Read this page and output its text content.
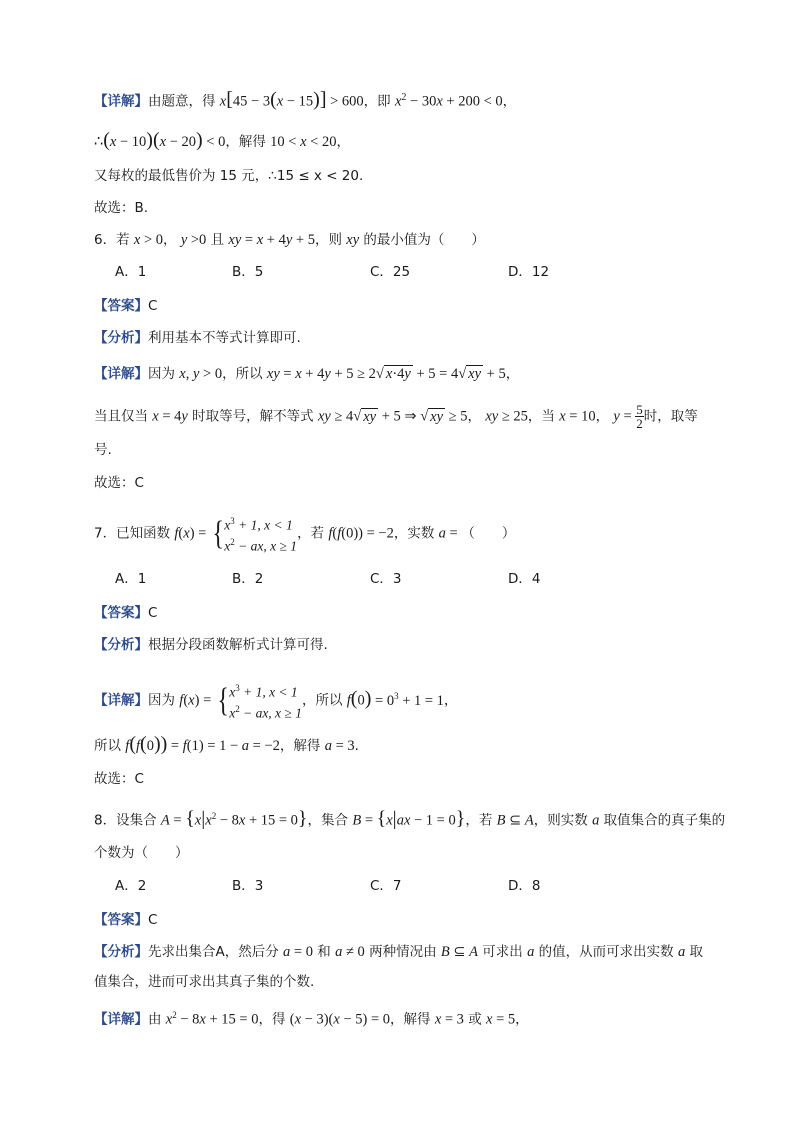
【详解】由题意，得 x[45 − 3(x − 15)] > 600，即 $x^2 - 30x + 200 < 0$，
∴(x − 10)(x − 20) < 0，解得 10 < x < 20，
又每枚的最低售价为 15 元，∴15 ≤ x < 20.
故选：B.
6．若 x > 0， y >0 且 xy = x + 4y + 5，则 xy 的最小值为（　　）
A．1	B．5	C．25	D．12
【答案】C
【分析】利用基本不等式计算即可.
【详解】因为 x, y > 0，所以 xy = x + 4y + 5 ≥ 2√ x·4y + 5 = 4√ xy + 5，
当且仅当 x = 4y 时取等号，解不等式 xy ≥ 4√ xy + 5 ⇒ √ xy ≥ 5， xy ≥ 25，当 x = 10， $y = \frac{5}{2}$ 时，取等
号.
故选：C
7．已知函数 f(x) = { $x^3 + 1$, x < 1
$x^2$ − ax, x ≥ 1
，若 f(f(0)) = −2，实数 a = （　　）
A．1	B．2	C．3	D．4
【答案】C
【分析】根据分段函数解析式计算可得.
【详解】因为 f(x) = { $x^3 + 1$, x < 1
$x^2$ − ax, x ≥ 1
，所以 $f(0) = 0^3 + 1 = 1$，
所以 f(f(0)) = f(1) = 1 − a = −2，解得 a = 3.
故选：C
8．设集合 $A = \{x|x^2 - 8x + 15 = 0\}$，集合 B = {x|ax − 1 = 0}，若 B ⊆ A，则实数 a 取值集合的真子集的
个数为（　　）
A．2	B．3	C．7	D．8
【答案】C
【分析】先求出集合A，然后分 a = 0 和 a ≠ 0 两种情况由 B ⊆ A 可求出 a 的值，从而可求出实数 a 取
值集合，进而可求出其真子集的个数.
【详解】由 $x^2 - 8x + 15 = 0$，得 (x − 3)(x − 5) = 0，解得 x = 3 或 x = 5，
